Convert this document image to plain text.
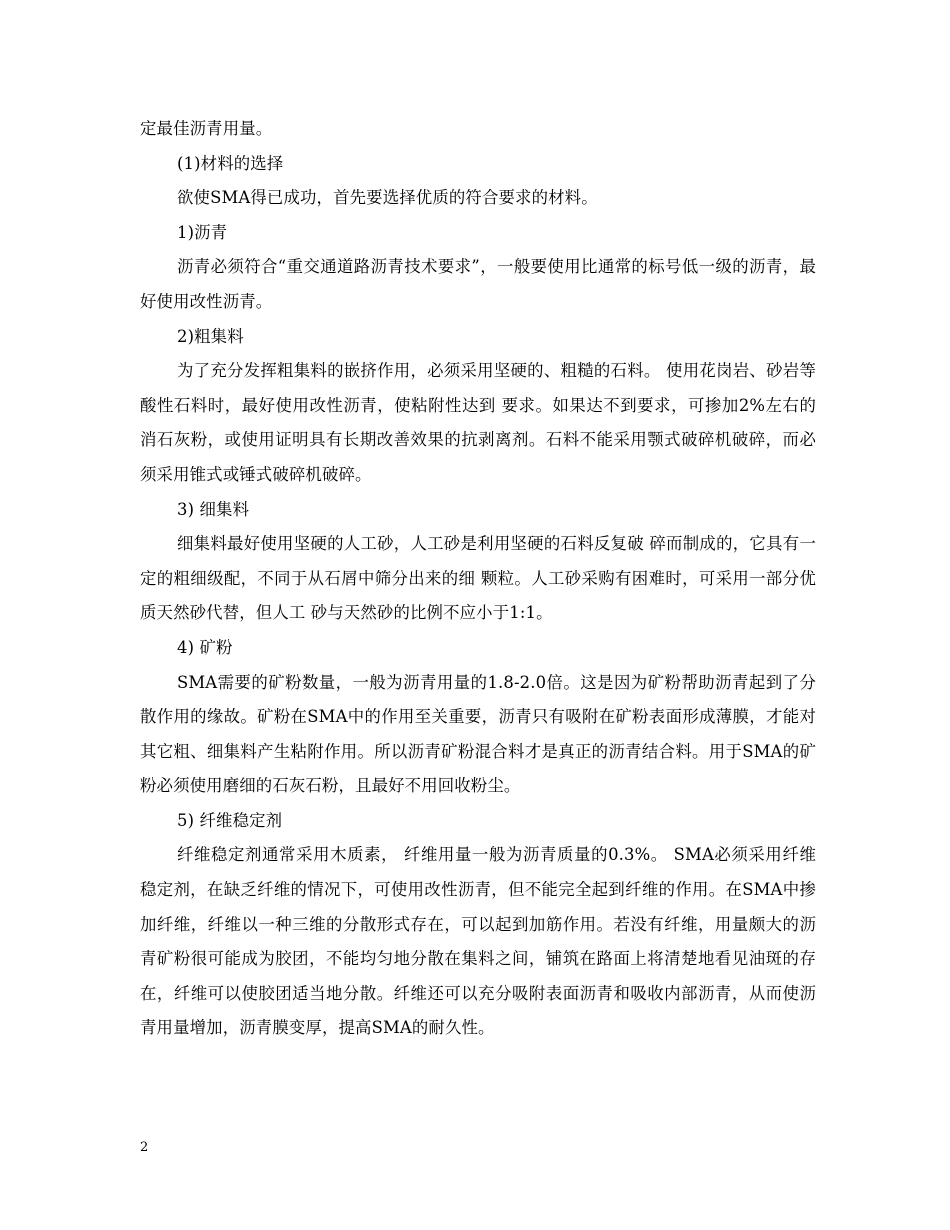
定最佳沥青用量。

(1)材料的选择

欲使SMA得已成功，首先要选择优质的符合要求的材料。

1)沥青

沥青必须符合“重交通道路沥青技术要求”，一般要使用比通常的标号低一级的沥青，最好使用改性沥青。

2)粗集料

为了充分发挥粗集料的嵌挤作用，必须采用坚硬的、粗糙的石料。 使用花岗岩、砂岩等酸性石料时，最好使用改性沥青，使粘附性达到 要求。如果达不到要求，可掺加2%左右的消石灰粉，或使用证明具有长期改善效果的抗剥离剂。石料不能采用颚式破碎机破碎，而必须采用锥式或锤式破碎机破碎。

3) 细集料

细集料最好使用坚硬的人工砂，人工砂是利用坚硬的石料反复破 碎而制成的，它具有一定的粗细级配，不同于从石屑中筛分出来的细 颗粒。人工砂采购有困难时，可采用一部分优质天然砂代替，但人工 砂与天然砂的比例不应小于1:1。

4) 矿粉

SMA需要的矿粉数量，一般为沥青用量的1.8-2.0倍。这是因为矿粉帮助沥青起到了分散作用的缘故。矿粉在SMA中的作用至关重要，沥青只有吸附在矿粉表面形成薄膜，才能对其它粗、细集料产生粘附作用。所以沥青矿粉混合料才是真正的沥青结合料。用于SMA的矿粉必须使用磨细的石灰石粉，且最好不用回收粉尘。

5) 纤维稳定剂

纤维稳定剂通常采用木质素， 纤维用量一般为沥青质量的0.3%。 SMA必须采用纤维稳定剂，在缺乏纤维的情况下，可使用改性沥青，但不能完全起到纤维的作用。在SMA中掺加纤维，纤维以一种三维的分散形式存在，可以起到加筋作用。若没有纤维，用量颇大的沥青矿粉很可能成为胶团，不能均匀地分散在集料之间，铺筑在路面上将清楚地看见油斑的存在，纤维可以使胶团适当地分散。纤维还可以充分吸附表面沥青和吸收内部沥青，从而使沥青用量增加，沥青膜变厚，提高SMA的耐久性。

2
